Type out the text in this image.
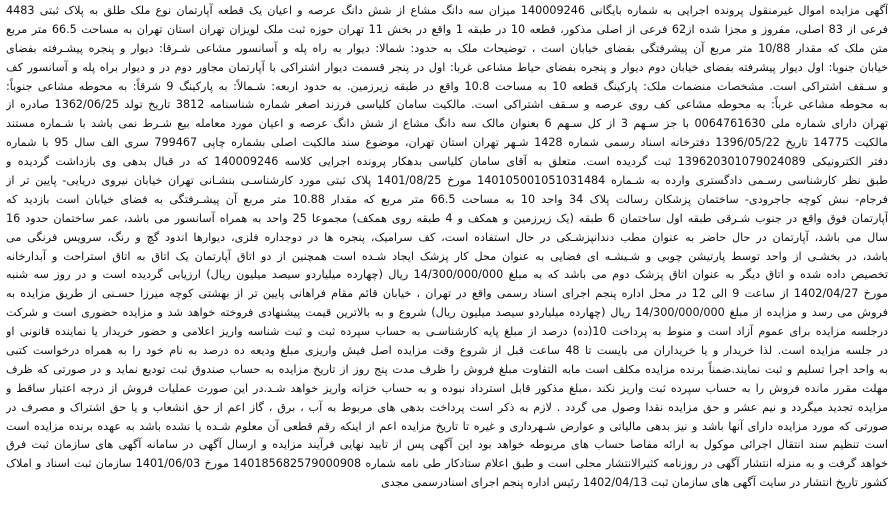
آگهی مزایده اموال غیرمنقول پرونده اجرایی به شماره بایگانی 140009246 میزان سه دانگ مشاع از شش دانگ عرصه و اعیان یک قطعه آپارتمان نوع ملک طلق به پلاک ثبتی 4483
فرعی از 83 اصلی، مفروز و مجزا شده از62 فرعی از اصلی مذکور، قطعه 10 در طبقه 1 واقع در بخش 11 تهران حوزه ثبت ملک لویزان تهران استان تهران به مساحت 66.5 متر مربع
متن ملک که مقدار 10/88 متر مربع آن پیشرفتگی بفضای خیابان است ، توضیحات ملک به حدود: شمالا: دیوار به راه پله و آسانسور مشاعی شـرقا: دیوار و پنجره پیشـرفته بفضای
خیابان جنوبا: اول دیوار پیشرفته بفضای خیابان دوم دیوار و پنجره بفضای حیاط مشاعی غربا: اول در پنجر قسمت دیوار اشتراکی با آپارتمان مجاور دوم در و دیوار براه پله و آسانسور کف
و سـقف اشتراکی است. مشخصات منضمات ملک: پارکینگ قطعه 10 به مساحت 10.8 واقع در طبقه زیرزمین. به حدود اربعه: شـمالاً: به پارکینگ 9 شرقاً: به محوطه مشاعی جنوباً:
به محوطه مشاعی غرباً: به محوطه مشاعی کف روی عرصه و سـقف اشتراکی است. مالکیت سامان کلیاسی فرزند اصغر شماره شناسنامه 3812 تاریخ تولد 1362/06/25 صادره از
تهران دارای شماره ملی 0064761630 با جز سـهم 3 از کل سـهم 6 بعنوان مالک سه دانگ مشاع از شش دانگ عرصه و اعیان مورد معامله بیع شـرط نمی باشد با شـماره مستند
مالکیت 14775 تاریخ 1396/05/22 دفترخانه اسناد رسمی شماره 1428 شـهر تهران استان تهران، موضوع سند مالکیت اصلی بشماره چاپی 799467 سری الف سال 95 با شماره
دفتر الکترونیکی 139620301079024089 ثبت گردیده است. متعلق به آقای سامان کلیاسی بدهکار پرونده اجرایی کلاسه 140009246 که در قبال بدهی وی بازداشت گردیده و
طبق نظر کارشناسی رسـمی دادگستری وارده به شـماره 140105001051031484 مورخ 1401/08/25 پلاک ثبتی مورد کارشناسـی بنشـانی تهران خیابان نیروی دریایی- پایین تر از
فرجام- نبش کوچه جاجرودی- ساختمان پزشکان رسالت پلاک 34 واحد 10 به مساحت 66.5 متر مربع که مقدار 10.88 متر مربع آن پیشـرفتگی به فضای خیابان است بازدید که
آپارتمان فوق واقع در جنوب شـرقی طبقه اول ساختمان 6 طبقه (یک زیرزمین و همکف و 4 طبقه روی همکف) مجموعا 25 واحد به همراه آسانسور می باشد، عمر ساختمان حدود 16
سال می باشد، آپارتمان در حال حاضر به عنوان مطب دندانپزشـکی در حال استفاده است، کف سرامیک، پنجره ها در دوجداره فلزی، دیوارها اندود گچ و رنگ، سرویس فرنگی می
باشد، در بخشـی از واحد توسط پارتیشن چوبی و شـیشـه ای فضایی به عنوان محل کار پزشک ایجاد شـده است همچنین از دو اتاق آپارتمان یک اتاق به اتاق استراحت و آبدارخانه
تخصیص داده شده و اتاق دیگر به عنوان اتاق پزشک دوم می باشد که به مبلغ 14/300/000/000 ریال (چهارده میلیاردو سیصد میلیون ریال) ارزیابی گردیده است و در روز سه شنبه
مورخ 1402/04/27 از ساعت 9 الی 12 در محل اداره پنجم اجرای اسناد رسمی واقع در تهران ، خیابان قائم مقام فراهانی پایین تر از بهشتی کوچه میرزا حسـنی از طریق مزایده به
فروش می رسد و مزایده از مبلغ 14/300/000/000 ریال (چهارده میلیاردو سیصد میلیون ریال) شروع و به بالاترین قیمت پیشنهادی فروخته خواهد شد و مزایده حضوری است و شرکت
درجلسه مزایده برای عموم آزاد است و منوط به پرداخت 10(ده) درصد از مبلغ پایه کارشناسـی به حساب سپرده ثبت و ثبت شناسه واریز اعلامی و حضور خریدار یا نماینده قانونی او
در جلسه مزایده است. لذا خریدار و یا خریداران می بایست تا 48 ساعت قبل از شروع وقت مزایده اصل فیش واریزی مبلغ ودیعه ده درصد به نام خود را به همراه درخواست کتبی
به واحد اجرا تسلیم و ثبت نمایند.ضمناً برنده مزایده مکلف است مابه التفاوت مبلغ فروش را ظرف مدت پنج روز از تاریخ مزایده به حساب صندوق ثبت تودیع نماید و در صورتی که ظرف
مهلت مقرر مانده فروش را به حساب سپرده ثبت واریز نکند ،مبلغ مذکور قابل استرداد نبوده و به حساب خزانه واریز خواهد شـد.در این صورت عملیات فروش از درجه اعتبار ساقط و
مزایده تجدید میگردد و نیم عشر و حق مزایده نقدا وصول می گردد . لازم به ذکر است پرداخت بدهی های مربوط به آب ، برق ، گاز اعم از حق انشعاب و یا حق اشتراک و مصرف در
صورتی که مورد مزایده دارای آنها باشد و نیز بدهی مالیاتی و عوارض شـهرداری و غیره تا تاریخ مزایده اعم از اینکه رقم قطعی آن معلوم شـده یا نشده باشد به عهده برنده مزایده است
است تنظیم سند انتقال اجرائی موکول به ارائه مفاصا حساب های مربوطه خواهد بود این آگهی پس از تایید نهایی فرآیند مزایده و ارسال آگهی در سامانه آگهی های سازمان ثبت فرق
خواهد گرفت و به منزله انتشار آگهی در روزنامه کثیرالانتشار محلی است و طبق اعلام ستادکار طی نامه شماره 140185682579000908 مورخ 1401/06/03 سازمان ثبت اسناد و املاک
کشور تاریخ انتشار در سایت آگهی های سازمان ثبت 1402/04/13 رئیس اداره پنجم اجرای اسنادرسمی مجدی
